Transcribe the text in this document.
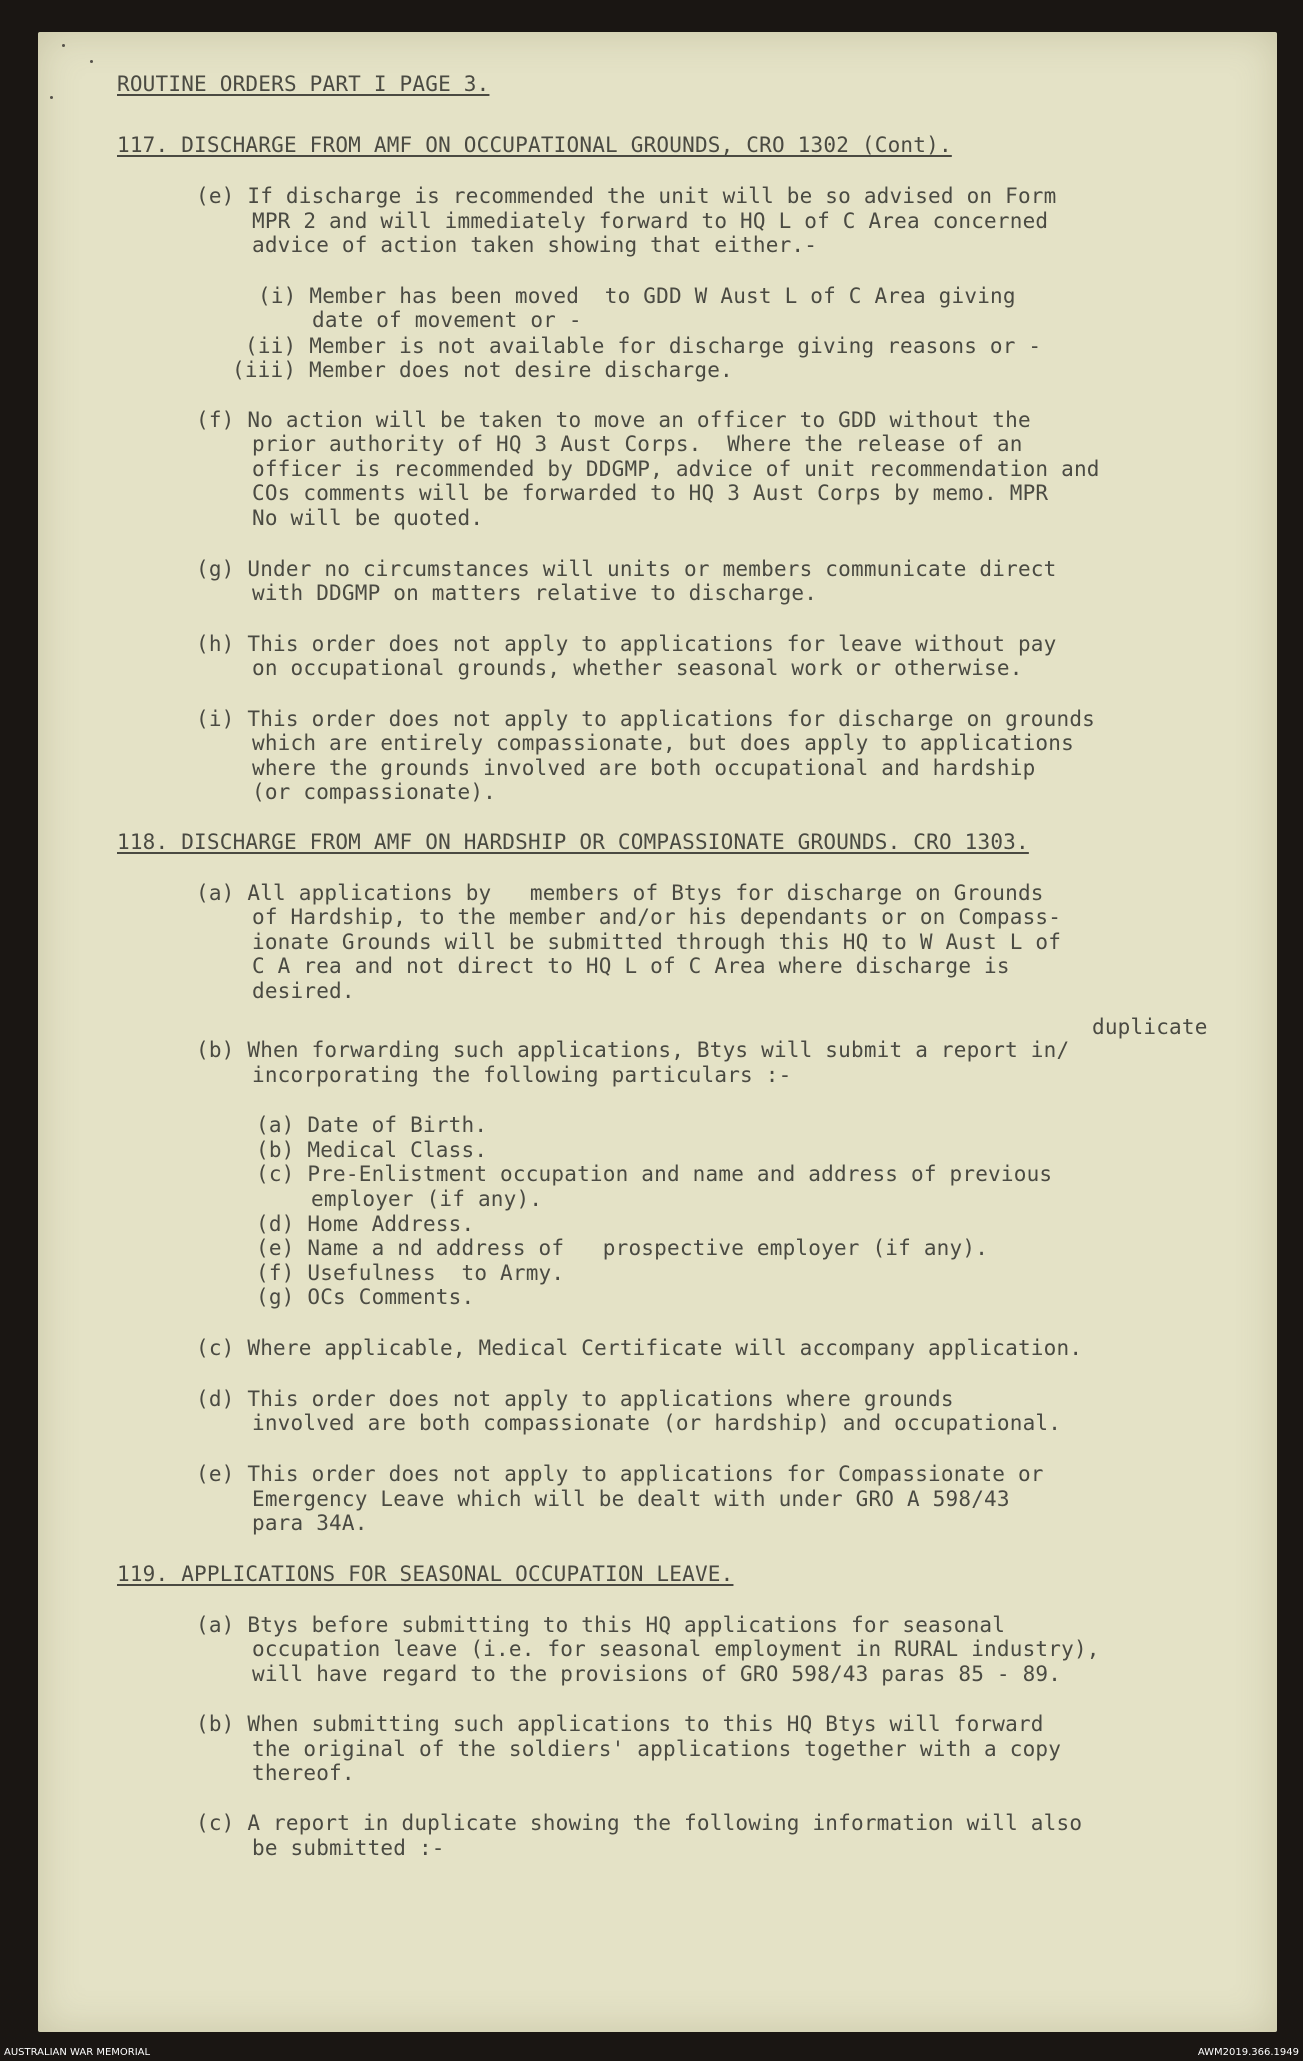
ROUTINE ORDERS PART I PAGE 3.
117. DISCHARGE FROM AMF ON OCCUPATIONAL GROUNDS, CRO 1302 (Cont).
(e) If discharge is recommended the unit will be so advised on Form
MPR 2 and will immediately forward to HQ L of C Area concerned
advice of action taken showing that either.-
(i) Member has been moved  to GDD W Aust L of C Area giving
date of movement or -
(ii) Member is not available for discharge giving reasons or -
(iii) Member does not desire discharge.
(f) No action will be taken to move an officer to GDD without the
prior authority of HQ 3 Aust Corps.  Where the release of an
officer is recommended by DDGMP, advice of unit recommendation and
COs comments will be forwarded to HQ 3 Aust Corps by memo. MPR
No will be quoted.
(g) Under no circumstances will units or members communicate direct
with DDGMP on matters relative to discharge.
(h) This order does not apply to applications for leave without pay
on occupational grounds, whether seasonal work or otherwise.
(i) This order does not apply to applications for discharge on grounds
which are entirely compassionate, but does apply to applications
where the grounds involved are both occupational and hardship
(or compassionate).
118. DISCHARGE FROM AMF ON HARDSHIP OR COMPASSIONATE GROUNDS. CRO 1303.
(a) All applications by   members of Btys for discharge on Grounds
of Hardship, to the member and/or his dependants or on Compass-
ionate Grounds will be submitted through this HQ to W Aust L of
C A rea and not direct to HQ L of C Area where discharge is
desired.
duplicate
(b) When forwarding such applications, Btys will submit a report in/
incorporating the following particulars :-
(a) Date of Birth.
(b) Medical Class.
(c) Pre-Enlistment occupation and name and address of previous
employer (if any).
(d) Home Address.
(e) Name a nd address of   prospective employer (if any).
(f) Usefulness  to Army.
(g) OCs Comments.
(c) Where applicable, Medical Certificate will accompany application.
(d) This order does not apply to applications where grounds
involved are both compassionate (or hardship) and occupational.
(e) This order does not apply to applications for Compassionate or
Emergency Leave which will be dealt with under GRO A 598/43
para 34A.
119. APPLICATIONS FOR SEASONAL OCCUPATION LEAVE.
(a) Btys before submitting to this HQ applications for seasonal
occupation leave (i.e. for seasonal employment in RURAL industry),
will have regard to the provisions of GRO 598/43 paras 85 - 89.
(b) When submitting such applications to this HQ Btys will forward
the original of the soldiers' applications together with a copy
thereof.
(c) A report in duplicate showing the following information will also
be submitted :-
AUSTRALIAN WAR MEMORIAL	AWM2019.366.1949
